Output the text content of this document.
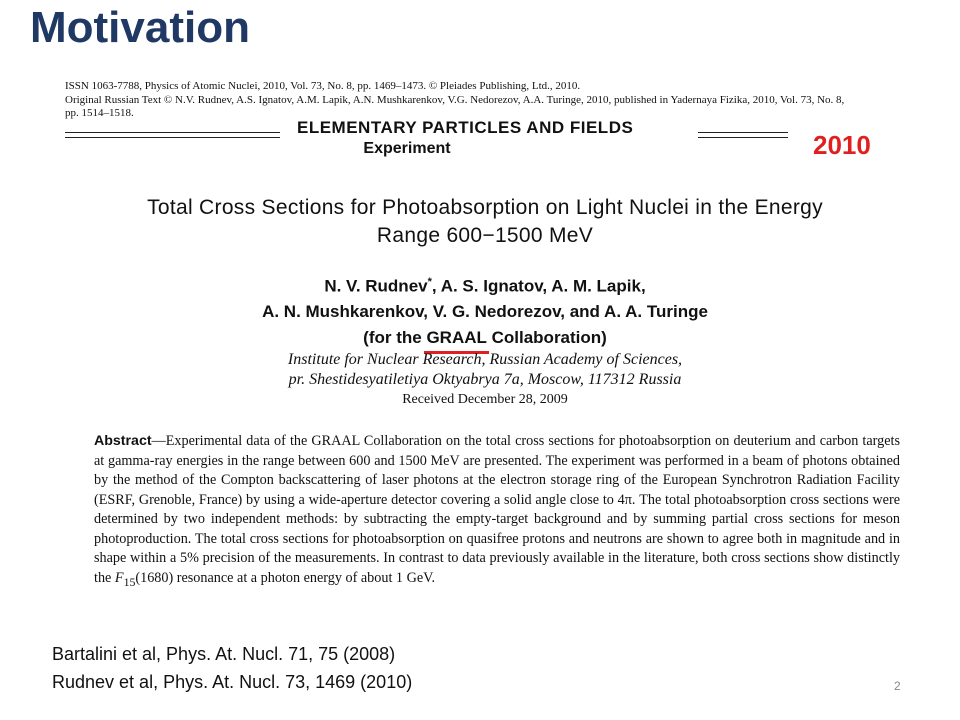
Motivation
ISSN 1063-7788, Physics of Atomic Nuclei, 2010, Vol. 73, No. 8, pp. 1469–1473. © Pleiades Publishing, Ltd., 2010.
Original Russian Text © N.V. Rudnev, A.S. Ignatov, A.M. Lapik, A.N. Mushkarenkov, V.G. Nedorezov, A.A. Turinge, 2010, published in Yadernaya Fizika, 2010, Vol. 73, No. 8,
pp. 1514–1518.
ELEMENTARY PARTICLES AND FIELDS
Experiment	2010
Total Cross Sections for Photoabsorption on Light Nuclei in the Energy
Range 600−1500 MeV
N. V. Rudnev*, A. S. Ignatov, A. M. Lapik,
A. N. Mushkarenkov, V. G. Nedorezov, and A. A. Turinge
(for the GRAAL
Collaboration)
Institute for Nuclear Research, Russian Academy of Sciences,
pr. Shestidesyatiletiya Oktyabrya 7a, Moscow, 117312 Russia
Received December 28, 2009
Abstract—Experimental data of the GRAAL Collaboration on the total cross sections for photoabsorption on deuterium and carbon targets at gamma-ray energies in the range between 600 and 1500 MeV are presented. The experiment was performed in a beam of photons obtained by the method of the Compton backscattering of laser photons at the electron storage ring of the European Synchrotron Radiation Facility (ESRF, Grenoble, France) by using a wide-aperture detector covering a solid angle close to 4π. The total photoabsorption cross sections were determined by two independent methods: by subtracting the empty-target background and by summing partial cross sections for meson photoproduction. The total cross sections for photoabsorption on quasifree protons and neutrons are shown to agree both in magnitude and in shape within a 5% precision of the measurements. In contrast to data previously available in the literature, both cross sections show distinctly the $F_{15}(1680)$ resonance at a photon energy of about 1 GeV.
Bartalini et al, Phys. At. Nucl. 71, 75 (2008)
Rudnev et al, Phys. At. Nucl. 73, 1469 (2010)	2
